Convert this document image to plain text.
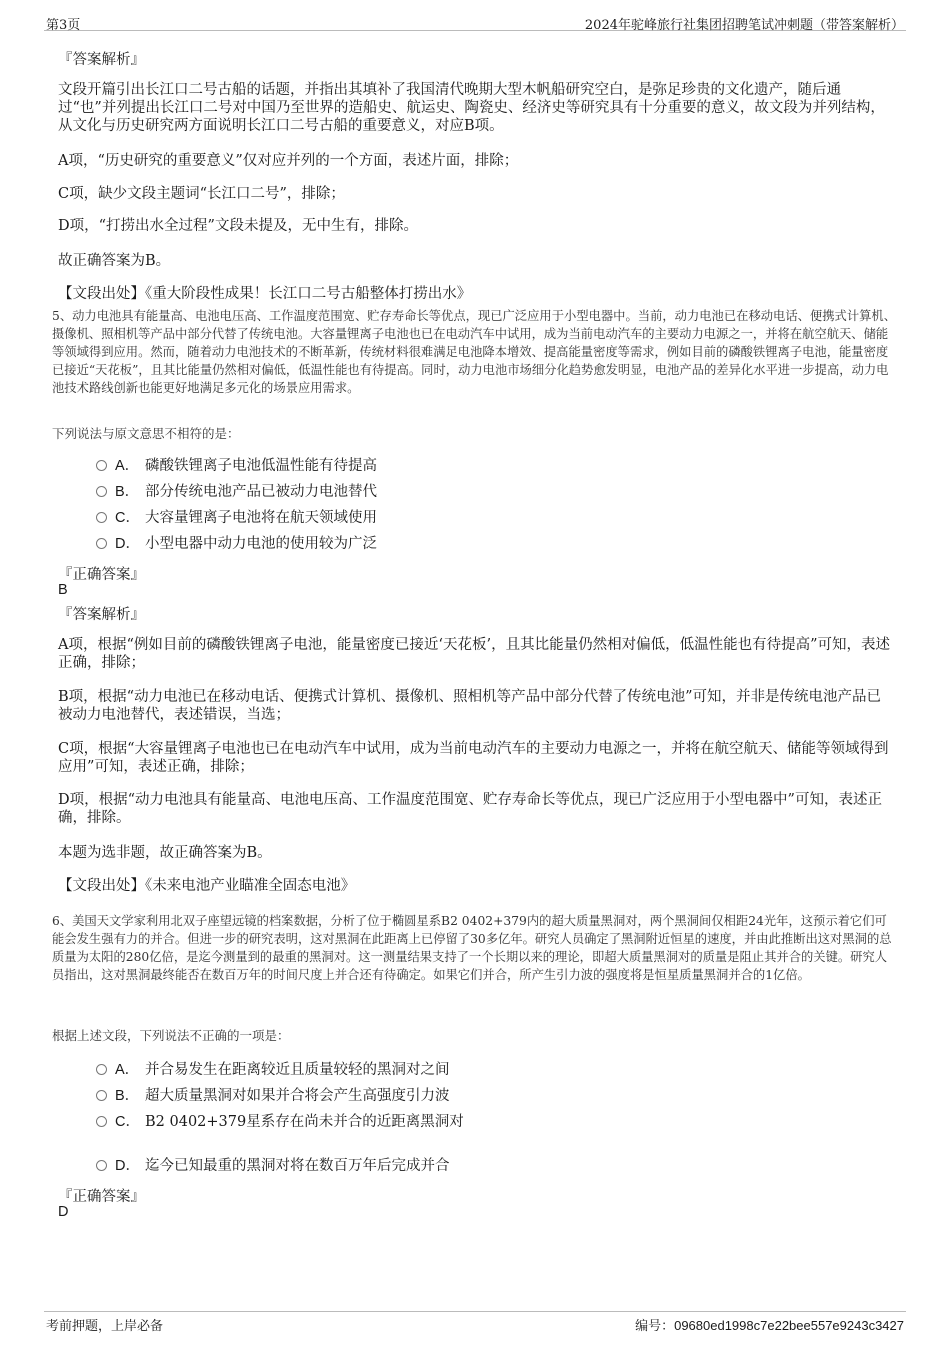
第3页	2024年驼峰旅行社集团招聘笔试冲刺题（带答案解析）
『答案解析』

文段开篇引出长江口二号古船的话题，并指出其填补了我国清代晚期大型木帆船研究空白，是弥足珍贵的文化遗产，随后通过“也”并列提出长江口二号对中国乃至世界的造船史、航运史、陶瓷史、经济史等研究具有十分重要的意义，故文段为并列结构，从文化与历史研究两方面说明长江口二号古船的重要意义，对应B项。

A项，“历史研究的重要意义”仅对应并列的一个方面，表述片面，排除；

C项，缺少文段主题词“长江口二号”，排除；

D项，“打捞出水全过程”文段未提及，无中生有，排除。

故正确答案为B。

【文段出处】《重大阶段性成果！长江口二号古船整体打捞出水》

5、动力电池具有能量高、电池电压高、工作温度范围宽、贮存寿命长等优点，现已广泛应用于小型电器中。当前，动力电池已在移动电话、便携式计算机、摄像机、照相机等产品中部分代替了传统电池。大容量锂离子电池也已在电动汽车中试用，成为当前电动汽车的主要动力电源之一，并将在航空航天、储能等领域得到应用。然而，随着动力电池技术的不断革新，传统材料很难满足电池降本增效、提高能量密度等需求，例如目前的磷酸铁锂离子电池，能量密度已接近“天花板”，且其比能量仍然相对偏低，低温性能也有待提高。同时，动力电池市场细分化趋势愈发明显，电池产品的差异化水平进一步提高，动力电池技术路线创新也能更好地满足多元化的场景应用需求。

下列说法与原文意思不相符的是：

A． 磷酸铁锂离子电池低温性能有待提高
B． 部分传统电池产品已被动力电池替代
C． 大容量锂离子电池将在航天领域使用
D． 小型电器中动力电池的使用较为广泛
『正确答案』
B
『答案解析』

A项，根据“例如目前的磷酸铁锂离子电池，能量密度已接近‘天花板’，且其比能量仍然相对偏低，低温性能也有待提高”可知，表述正确，排除；

B项，根据“动力电池已在移动电话、便携式计算机、摄像机、照相机等产品中部分代替了传统电池”可知，并非是传统电池产品已被动力电池替代，表述错误，当选；

C项，根据“大容量锂离子电池也已在电动汽车中试用，成为当前电动汽车的主要动力电源之一，并将在航空航天、储能等领域得到应用”可知，表述正确，排除；

D项，根据“动力电池具有能量高、电池电压高、工作温度范围宽、贮存寿命长等优点，现已广泛应用于小型电器中”可知，表述正确，排除。

本题为选非题，故正确答案为B。

【文段出处】《未来电池产业瞄准全固态电池》

6、美国天文学家利用北双子座望远镜的档案数据，分析了位于椭圆星系B2 0402+379内的超大质量黑洞对，两个黑洞间仅相距24光年，这预示着它们可能会发生强有力的并合。但进一步的研究表明，这对黑洞在此距离上已停留了30多亿年。研究人员确定了黑洞附近恒星的速度，并由此推断出这对黑洞的总质量为太阳的280亿倍，是迄今测量到的最重的黑洞对。这一测量结果支持了一个长期以来的理论，即超大质量黑洞对的质量是阻止其并合的关键。研究人员指出，这对黑洞最终能否在数百万年的时间尺度上并合还有待确定。如果它们并合，所产生引力波的强度将是恒星质量黑洞并合的1亿倍。

根据上述文段，下列说法不正确的一项是：

A． 并合易发生在距离较近且质量较轻的黑洞对之间
B． 超大质量黑洞对如果并合将会产生高强度引力波
C． B2 0402+379星系存在尚未并合的近距离黑洞对
D． 迄今已知最重的黑洞对将在数百万年后完成并合
『正确答案』
D
考前押题，上岸必备	编号：09680ed1998c7e22bee557e9243c3427
